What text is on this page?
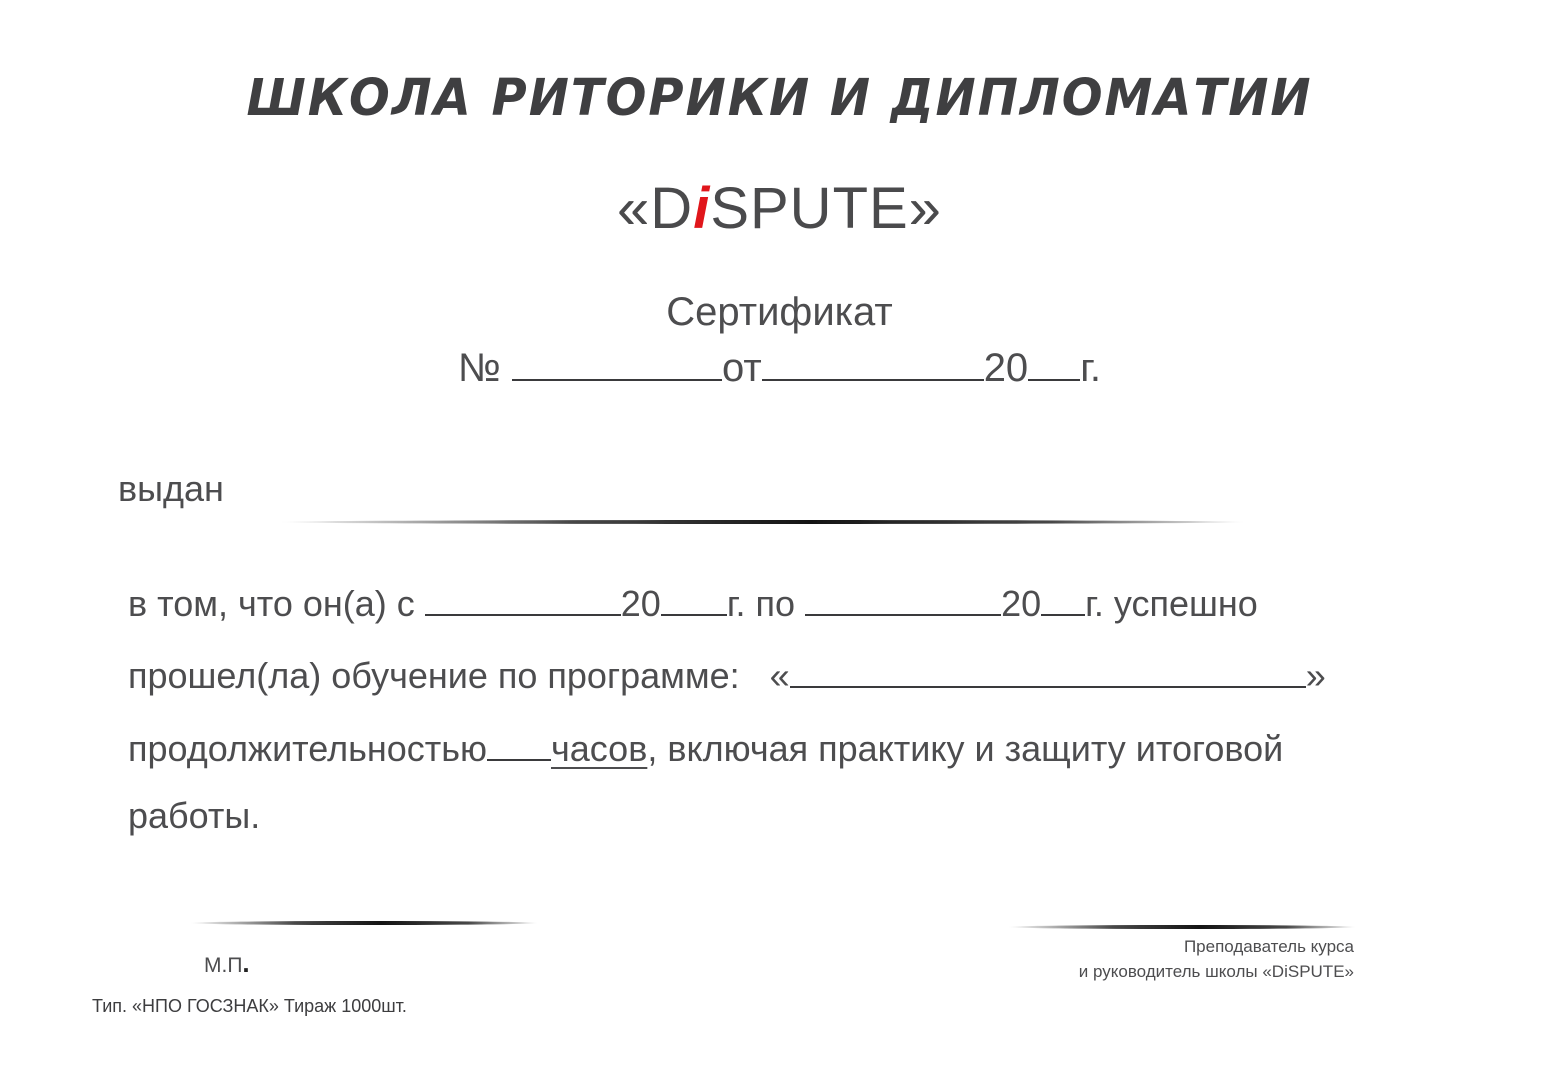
ШКОЛА РИТОРИКИ И ДИПЛОМАТИИ
«DiSPUTE»
Сертификат
№	от	20 г.
выдан
в том, что он(а) с	20 г. по	20 г. успешно
прошел(ла) обучение по программе:   «	»
продолжительностью часов, включая практику и защиту итоговой
работы.
М.П.
Преподаватель курса
и руководитель школы «DiSPUTE»
Тип. «НПО ГОСЗНАК» Тираж 1000шт.
